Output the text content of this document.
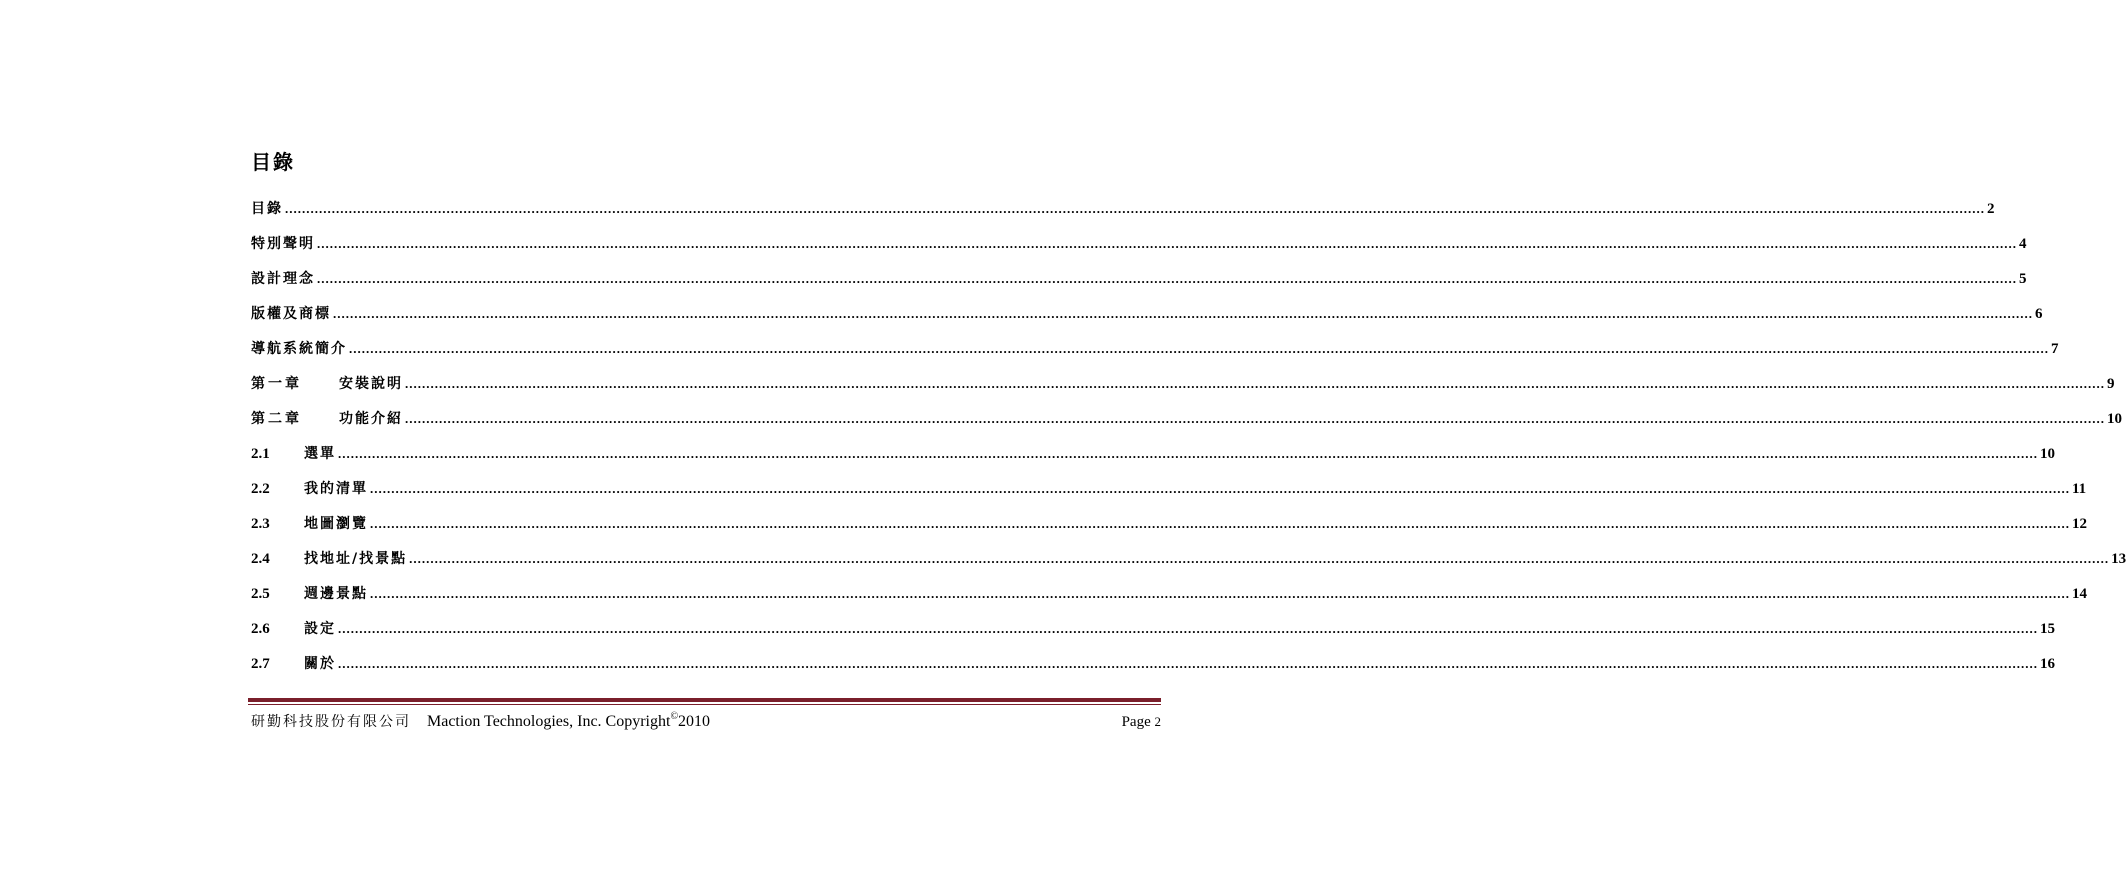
目錄
目錄 ................................................................................................................................................................................................................................................................................................................................................................................................................ 2
特別聲明 ................................................................................................................................................................................................................................................................................................................................................................................................................ 4
設計理念 ................................................................................................................................................................................................................................................................................................................................................................................................................ 5
版權及商標 ................................................................................................................................................................................................................................................................................................................................................................................................................ 6
導航系統簡介 ................................................................................................................................................................................................................................................................................................................................................................................................................ 7
第一章	安裝說明 ................................................................................................................................................................................................................................................................................................................................................................................................................ 9
第二章	功能介紹 ................................................................................................................................................................................................................................................................................................................................................................................................................ 10
2.1	選單 ................................................................................................................................................................................................................................................................................................................................................................................................................ 10
2.2	我的清單 ................................................................................................................................................................................................................................................................................................................................................................................................................ 11
2.3	地圖瀏覽 ................................................................................................................................................................................................................................................................................................................................................................................................................ 12
2.4	找地址/找景點 ................................................................................................................................................................................................................................................................................................................................................................................................................ 13
2.5	週邊景點 ................................................................................................................................................................................................................................................................................................................................................................................................................ 14
2.6	設定 ................................................................................................................................................................................................................................................................................................................................................................................................................ 15
2.7	關於 ................................................................................................................................................................................................................................................................................................................................................................................................................ 16
研勤科技股份有限公司 Maction Technologies, Inc. Copyright©2010	Page 2
